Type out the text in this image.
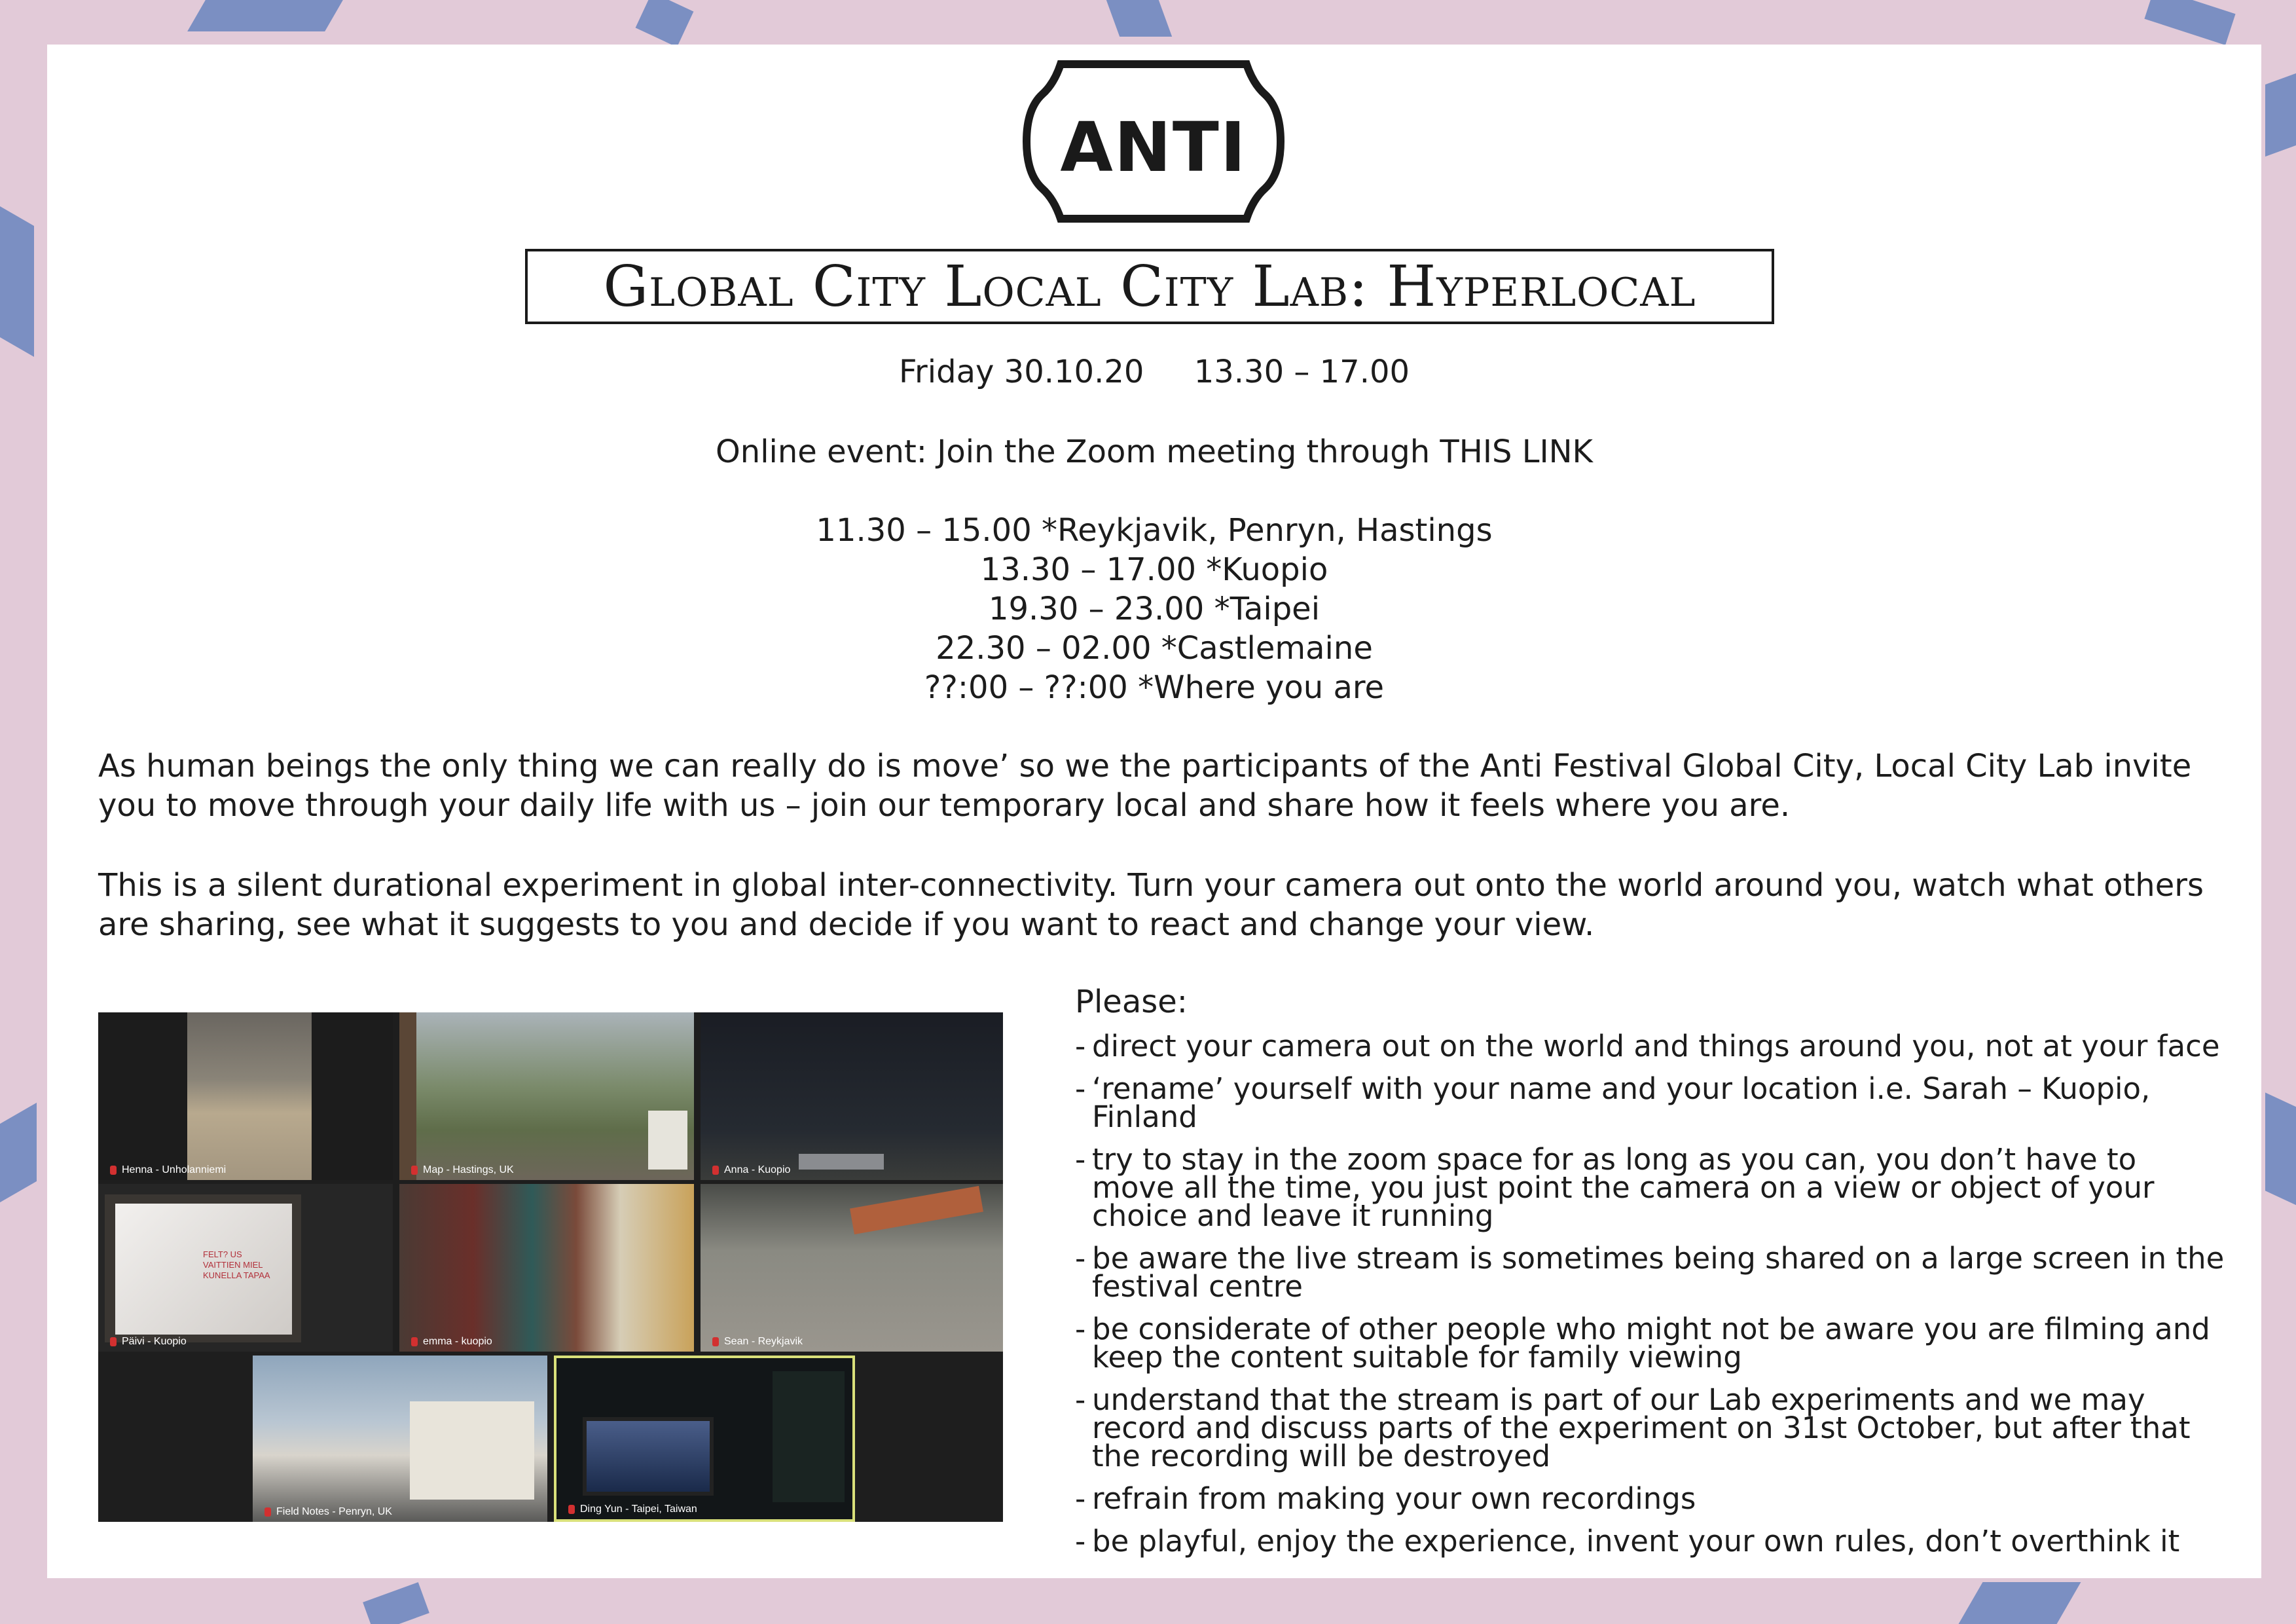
ANTI
Global City Local City Lab: Hyperlocal
Friday 30.10.20     13.30 – 17.00
Online event: Join the Zoom meeting through THIS LINK
11.30 – 15.00 *Reykjavik, Penryn, Hastings
13.30 – 17.00 *Kuopio
19.30 – 23.00 *Taipei
22.30 – 02.00 *Castlemaine
??:00 – ??:00 *Where you are

As human beings the only thing we can really do is move’ so we the participants of the Anti Festival Global City, Local City Lab invite you to move through your daily life with us – join our temporary local and share how it feels where you are.

This is a silent durational experiment in global inter-connectivity. Turn your camera out onto the world around you, watch what others are sharing, see what it suggests to you and decide if you want to react and change your view.

Henna - Unholanniemi	Map - Hastings, UK	Anna - Kuopio
FELT? US VAITTIEN MIEL KUNELLA TAPAA
Päivi - Kuopio	emma - kuopio	Sean - Reykjavik
Field Notes - Penryn, UK	Ding Yun - Taipei, Taiwan
Please:
- direct your camera out on the world and things around you, not at your face
- ‘rename’ yourself with your name and your location i.e. Sarah – Kuopio, Finland
- try to stay in the zoom space for as long as you can, you don’t have to move all the time, you just point the camera on a view or object of your choice and leave it running
- be aware the live stream is sometimes being shared on a large screen in the festival centre
- be considerate of other people who might not be aware you are filming and keep the content suitable for family viewing
- understand that the stream is part of our Lab experiments and we may record and discuss parts of the experiment on 31st October, but after that the recording will be destroyed
- refrain from making your own recordings
- be playful, enjoy the experience, invent your own rules, don’t overthink it
